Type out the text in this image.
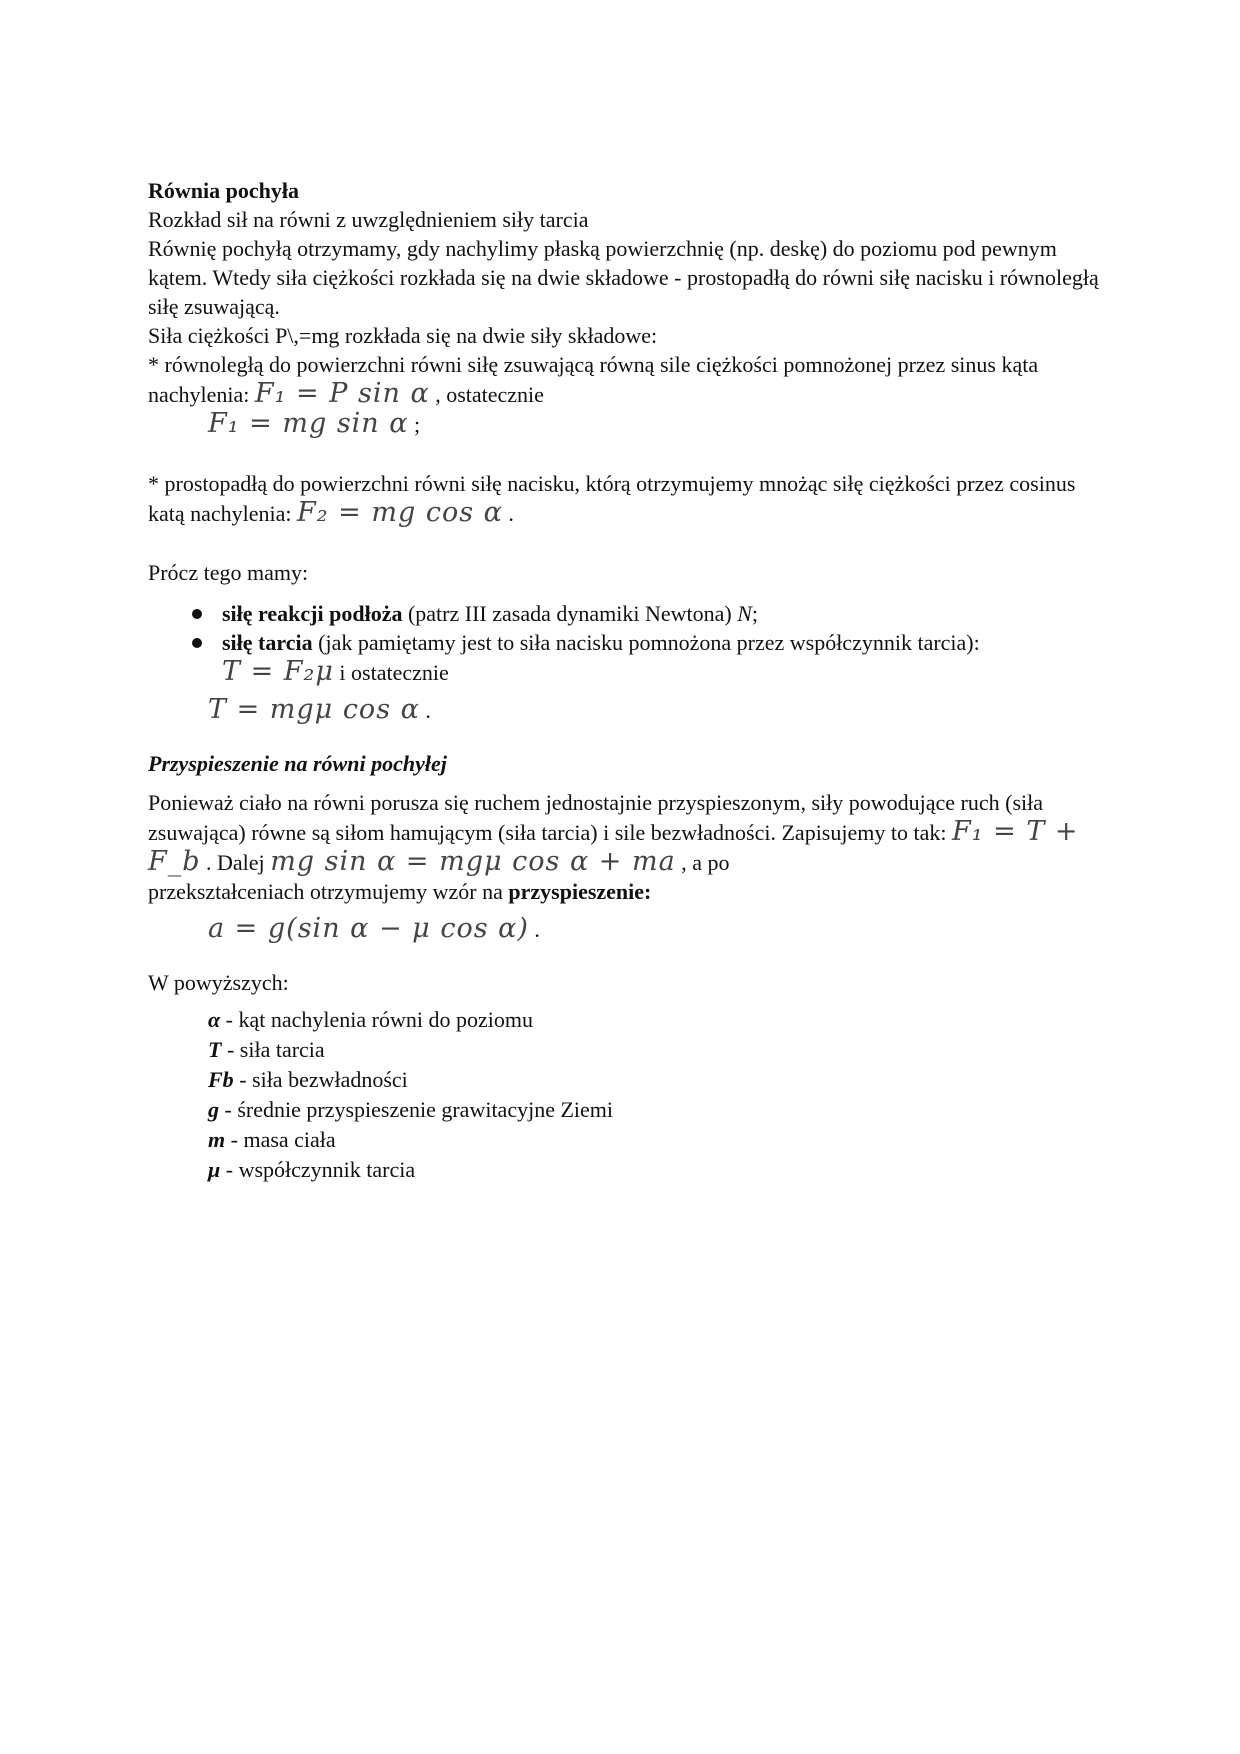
Równia pochyła

Rozkład sił na równi z uwzględnieniem siły tarcia

Równię pochyłą otrzymamy, gdy nachylimy płaską powierzchnię (np. deskę) do poziomu pod pewnym kątem. Wtedy siła ciężkości rozkłada się na dwie składowe - prostopadłą do równi siłę nacisku i równoległą siłę zsuwającą.

Siła ciężkości P\,=mg rozkłada się na dwie siły składowe:

* równoległą do powierzchni równi siłę zsuwającą równą sile ciężkości pomnożonej przez sinus kąta nachylenia: F₁ = P sin α , ostatecznie

F₁ = mg sin α ;

* prostopadłą do powierzchni równi siłę nacisku, którą otrzymujemy mnożąc siłę ciężkości przez cosinus katą nachylenia: F₂ = mg cos α .

Prócz tego mamy:

siłę reakcji podłoża (patrz III zasada dynamiki Newtona) N;
siłę tarcia (jak pamiętamy jest to siła nacisku pomnożona przez współczynnik tarcia):
T = F₂μ i ostatecznie

T = mgμ cos α .

Przyspieszenie na równi pochyłej

Ponieważ ciało na równi porusza się ruchem jednostajnie przyspieszonym, siły powodujące ruch (siła zsuwająca) równe są siłom hamującym (siła tarcia) i sile bezwładności. Zapisujemy to tak: F₁ = T + F_b . Dalej mg sin α = mgμ cos α + ma , a po

przekształceniach otrzymujemy wzór na przyspieszenie:

a = g(sin α − μ cos α) .

W powyższych:

α - kąt nachylenia równi do poziomu
T - siła tarcia
Fb - siła bezwładności
g - średnie przyspieszenie grawitacyjne Ziemi
m - masa ciała
μ - współczynnik tarcia
